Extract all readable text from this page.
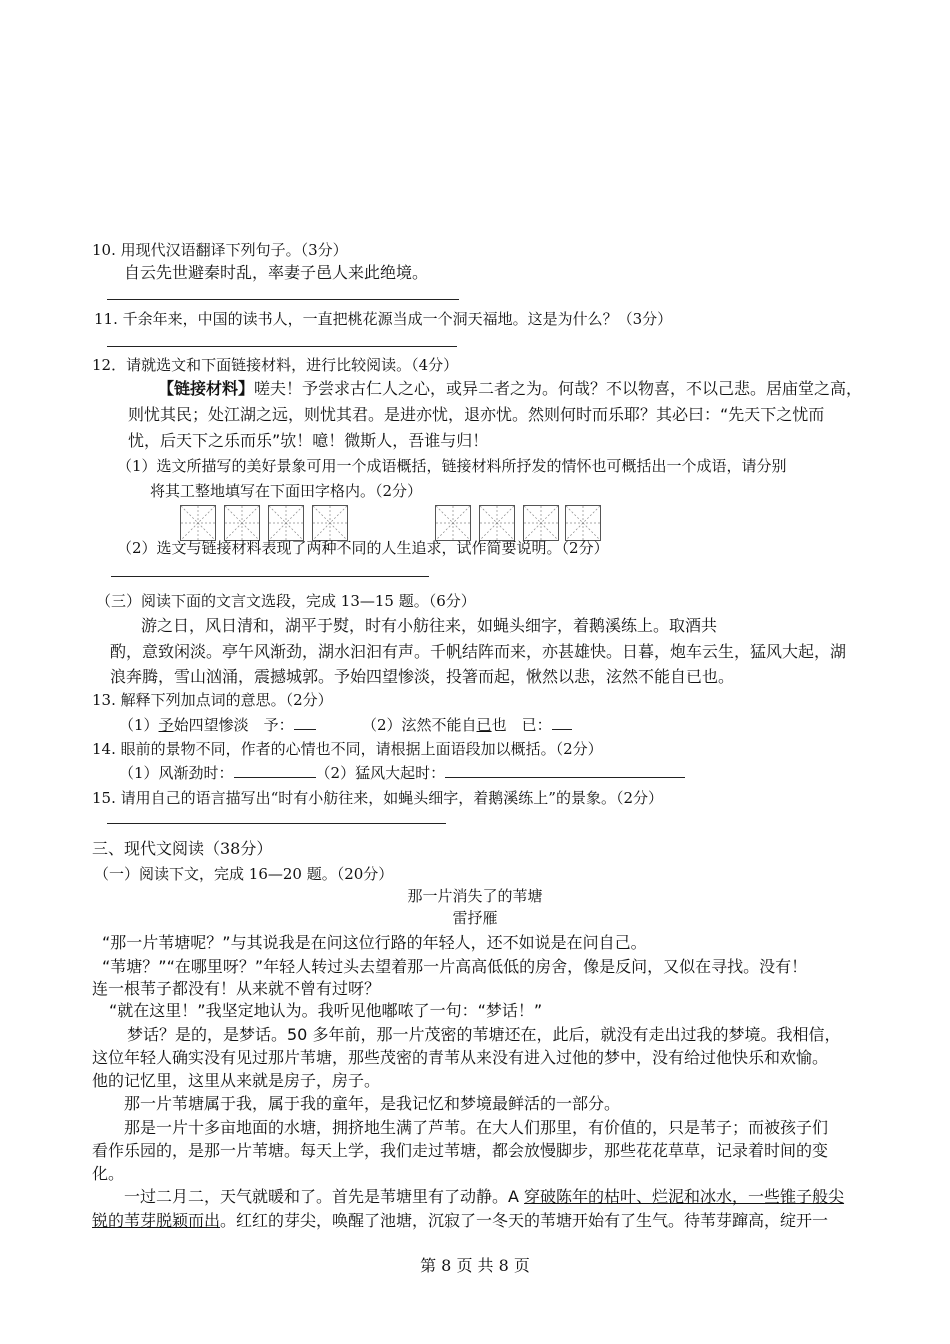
10. 用现代汉语翻译下列句子。（3分）
自云先世避秦时乱，率妻子邑人来此绝境。
11. 千余年来，中国的读书人，一直把桃花源当成一个洞天福地。这是为什么？（3分）
12．请就选文和下面链接材料，进行比较阅读。（4分）
【链接材料】嗟夫！予尝求古仁人之心，或异二者之为。何哉？不以物喜，不以己悲。居庙堂之高，
则忧其民；处江湖之远，则忧其君。是进亦忧，退亦忧。然则何时而乐耶？其必曰：“先天下之忧而
忧，后天下之乐而乐”欤！噫！微斯人，吾谁与归！
（1）选文所描写的美好景象可用一个成语概括，链接材料所抒发的情怀也可概括出一个成语，请分别
将其工整地填写在下面田字格内。（2分）
（2）选文与链接材料表现了两种不同的人生追求，试作简要说明。（2分）
（三）阅读下面的文言文选段，完成 13—15 题。（6分）
游之日，风日清和，湖平于熨，时有小舫往来，如蝇头细字，着鹅溪练上。取酒共
酌，意致闲淡。亭午风渐劲，湖水汩汩有声。千帆结阵而来，亦甚雄快。日暮，炮车云生，猛风大起，湖
浪奔腾，雪山汹涌，震撼城郭。予始四望惨淡，投箸而起，愀然以悲，泫然不能自已也。
13. 解释下列加点词的意思。（2分）
（1）予始四望惨淡　予：	（2）泫然不能自已也　已：
14. 眼前的景物不同，作者的心情也不同，请根据上面语段加以概括。（2分）
（1）风渐劲时：	（2）猛风大起时：
15. 请用自己的语言描写出“时有小舫往来，如蝇头细字，着鹅溪练上”的景象。（2分）
三、现代文阅读（38分）
（一）阅读下文，完成 16—20 题。（20分）
那一片消失了的苇塘
雷抒雁
“那一片苇塘呢？”与其说我是在问这位行路的年轻人，还不如说是在问自己。
“苇塘？”“在哪里呀？”年轻人转过头去望着那一片高高低低的房舍，像是反问，又似在寻找。没有！
连一根苇子都没有！从来就不曾有过呀？
“就在这里！”我坚定地认为。我听见他嘟哝了一句：“梦话！”
梦话？是的，是梦话。50 多年前，那一片茂密的苇塘还在，此后，就没有走出过我的梦境。我相信，
这位年轻人确实没有见过那片苇塘，那些茂密的青苇从来没有进入过他的梦中，没有给过他快乐和欢愉。
他的记忆里，这里从来就是房子，房子。
那一片苇塘属于我，属于我的童年，是我记忆和梦境最鲜活的一部分。
那是一片十多亩地面的水塘，拥挤地生满了芦苇。在大人们那里，有价值的，只是苇子；而被孩子们
看作乐园的，是那一片苇塘。每天上学，我们走过苇塘，都会放慢脚步，那些花花草草，记录着时间的变
化。
一过二月二，天气就暖和了。首先是苇塘里有了动静。A 穿破陈年的枯叶、烂泥和冰水，一些锥子般尖
锐的苇芽脱颖而出。红红的芽尖，唤醒了池塘，沉寂了一冬天的苇塘开始有了生气。待苇芽蹿高，绽开一
第 8 页 共 8 页
